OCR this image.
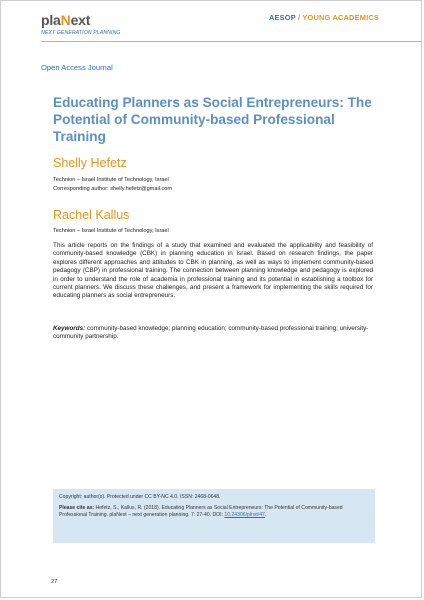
plaNext
NEXT GENERATION PLANNING
AESOP / YOUNG ACADEMICS
Open Access Journal
Educating Planners as Social Entrepreneurs: The Potential of Community-based Professional Training
Shelly Hefetz
Technion – Israel Institute of Technology, Israel
Corresponding author: shelly.hefetz@gmail.com
Rachel Kallus
Technion – Israel Institute of Technology, Israel

This article reports on the findings of a study that examined and evaluated the applicability and feasibility of community-based knowledge (CBK) in planning education in Israel. Based on research findings, the paper explores different approaches and attitudes to CBK in planning, as well as ways to implement community-based pedagogy (CBP) in professional training. The connection between planning knowledge and pedagogy is explored in order to understand the role of academia in professional training and its potential in establishing a toolbox for current planners. We discuss these challenges, and present a framework for implementing the skills required for educating planners as social entrepreneurs.

Keywords: community-based knowledge; planning education; community-based professional training; university-community partnership.

Copyright: author(s). Protected under CC BY-NC 4.0. ISSN: 2468-0648.

Please cite as: Hefetz, S., Kallus, R. (2018). Educating Planners as Social Entrepreneurs: The Potential of Community-based Professional Training. plaNext – next generation planning. 7: 27-40. DOI: 10.24306/plnxt/47.

27
